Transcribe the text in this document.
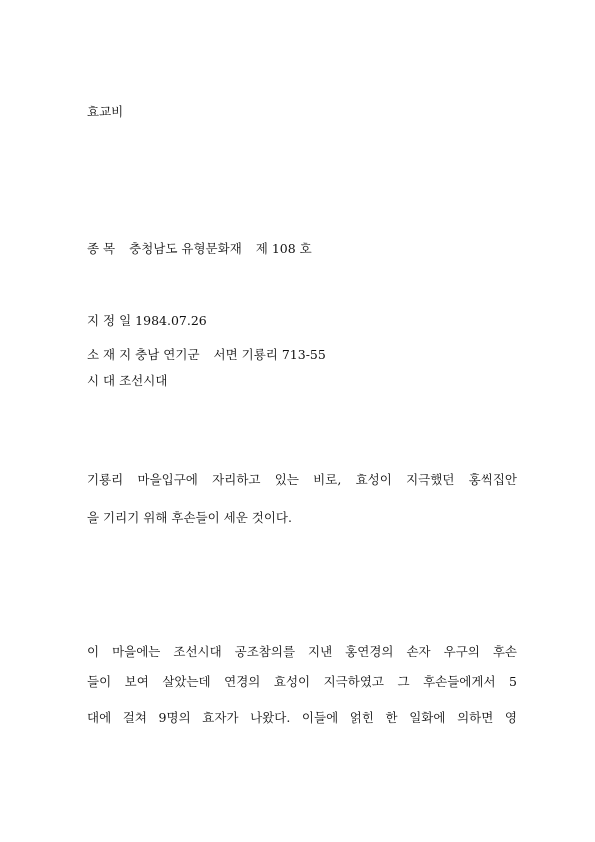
효교비
종 목 충청남도 유형문화재 제 108 호
지 정 일 1984.07.26
소 재 지 충남 연기군 서면 기룡리 713-55
시 대 조선시대
기룡리 마을입구에 자리하고 있는 비로, 효성이 지극했던 홍씩집안
을 기리기 위해 후손들이 세운 것이다.
이 마을에는 조선시대 공조참의를 지낸 홍연경의 손자 우구의 후손
들이 보여 살았는데 연경의 효성이 지극하였고 그 후손들에게서 5
대에 걸쳐 9명의 효자가 나왔다. 이들에 얽힌 한 일화에 의하면 영
